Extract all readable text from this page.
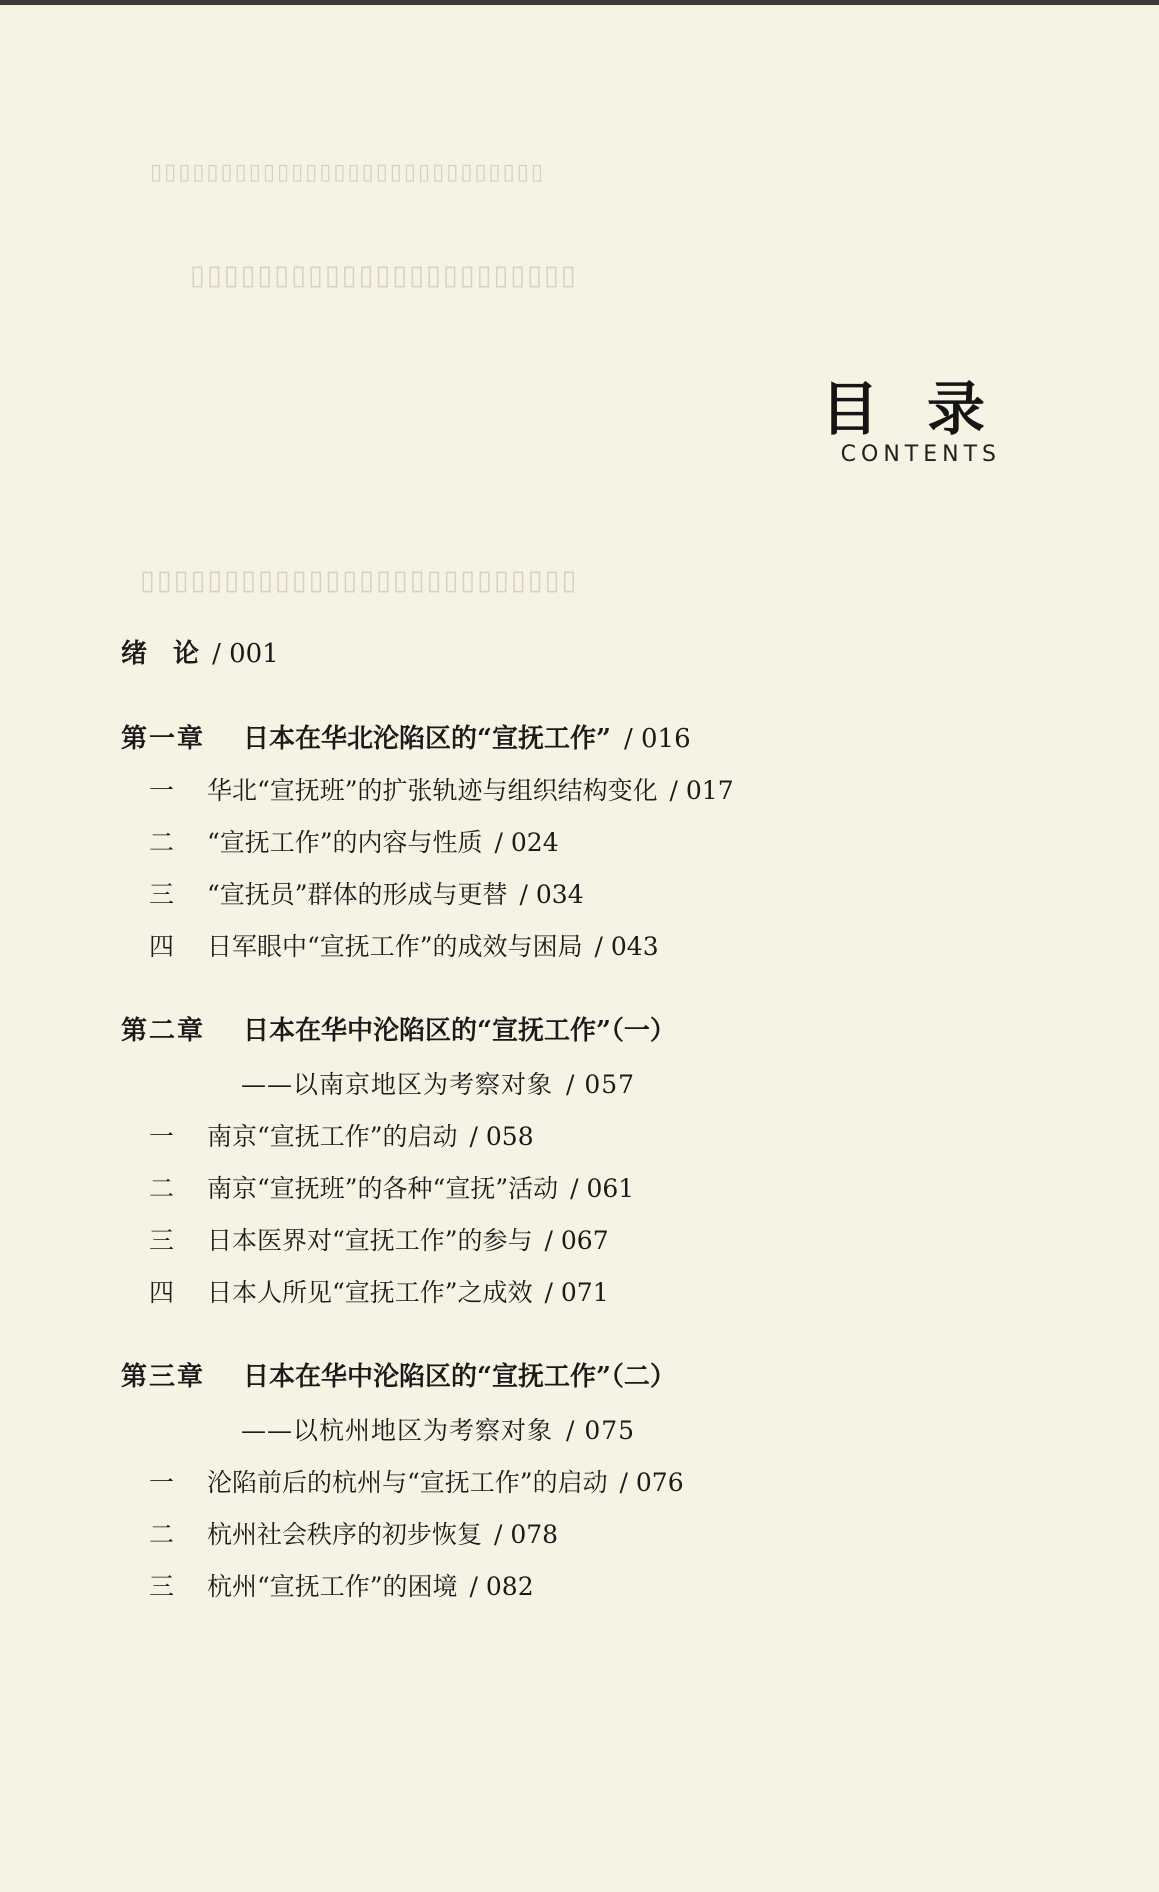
▯▯▯▯▯▯▯▯▯▯▯▯▯▯▯▯▯▯▯▯▯▯▯▯▯▯▯▯
▯▯▯▯▯▯▯▯▯▯▯▯▯▯▯▯▯▯▯▯▯▯▯
▯▯▯▯▯▯▯▯▯▯▯▯▯▯▯▯▯▯▯▯▯▯▯▯▯▯
目 录
CONTENTS
绪　论 / 001
第一章 日本在华北沦陷区的“宣抚工作” / 016
一 华北“宣抚班”的扩张轨迹与组织结构变化 / 017
二 “宣抚工作”的内容与性质 / 024
三 “宣抚员”群体的形成与更替 / 034
四 日军眼中“宣抚工作”的成效与困局 / 043
第二章 日本在华中沦陷区的“宣抚工作”（一）
——以南京地区为考察对象 / 057
一 南京“宣抚工作”的启动 / 058
二 南京“宣抚班”的各种“宣抚”活动 / 061
三 日本医界对“宣抚工作”的参与 / 067
四 日本人所见“宣抚工作”之成效 / 071
第三章 日本在华中沦陷区的“宣抚工作”（二）
——以杭州地区为考察对象 / 075
一 沦陷前后的杭州与“宣抚工作”的启动 / 076
二 杭州社会秩序的初步恢复 / 078
三 杭州“宣抚工作”的困境 / 082
